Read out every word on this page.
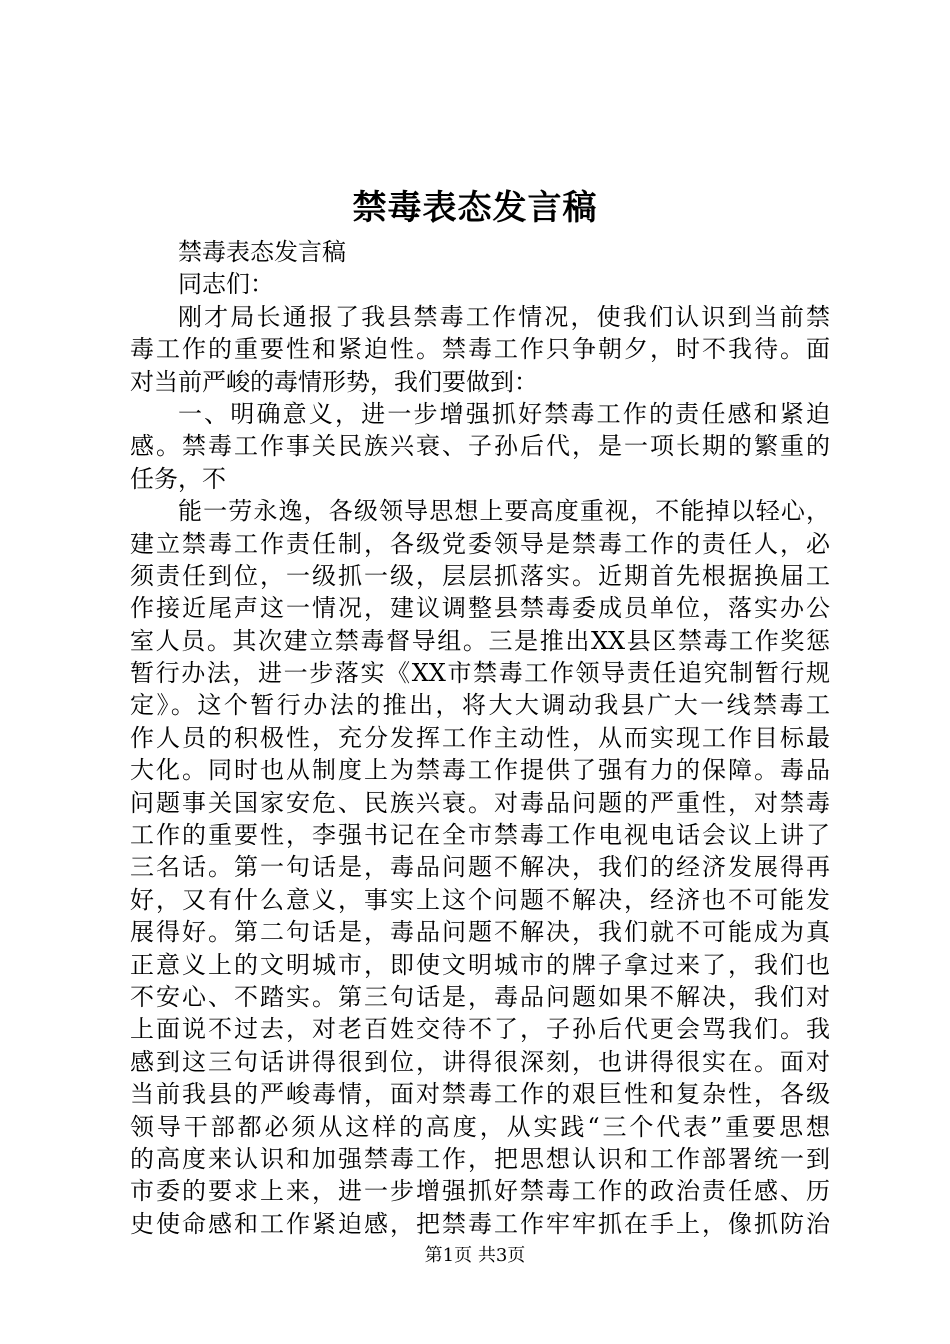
禁毒表态发言稿
禁毒表态发言稿
同志们：
刚才局长通报了我县禁毒工作情况，使我们认识到当前禁
毒工作的重要性和紧迫性。禁毒工作只争朝夕，时不我待。面
对当前严峻的毒情形势，我们要做到：
一、明确意义，进一步增强抓好禁毒工作的责任感和紧迫
感。禁毒工作事关民族兴衰、子孙后代，是一项长期的繁重的
任务，不
能一劳永逸，各级领导思想上要高度重视，不能掉以轻心，
建立禁毒工作责任制，各级党委领导是禁毒工作的责任人，必
须责任到位，一级抓一级，层层抓落实。近期首先根据换届工
作接近尾声这一情况，建议调整县禁毒委成员单位，落实办公
室人员。其次建立禁毒督导组。三是推出XX县区禁毒工作奖惩
暂行办法，进一步落实《XX市禁毒工作领导责任追究制暂行规
定》。这个暂行办法的推出，将大大调动我县广大一线禁毒工
作人员的积极性，充分发挥工作主动性，从而实现工作目标最
大化。同时也从制度上为禁毒工作提供了强有力的保障。毒品
问题事关国家安危、民族兴衰。对毒品问题的严重性，对禁毒
工作的重要性，李强书记在全市禁毒工作电视电话会议上讲了
三名话。第一句话是，毒品问题不解决，我们的经济发展得再
好，又有什么意义，事实上这个问题不解决，经济也不可能发
展得好。第二句话是，毒品问题不解决，我们就不可能成为真
正意义上的文明城市，即使文明城市的牌子拿过来了，我们也
不安心、不踏实。第三句话是，毒品问题如果不解决，我们对
上面说不过去，对老百姓交待不了，子孙后代更会骂我们。我
感到这三句话讲得很到位，讲得很深刻，也讲得很实在。面对
当前我县的严峻毒情，面对禁毒工作的艰巨性和复杂性，各级
领导干部都必须从这样的高度，从实践“三个代表”重要思想
的高度来认识和加强禁毒工作，把思想认识和工作部署统一到
市委的要求上来，进一步增强抓好禁毒工作的政治责任感、历
史使命感和工作紧迫感，把禁毒工作牢牢抓在手上，像抓防治
第1页 共3页
